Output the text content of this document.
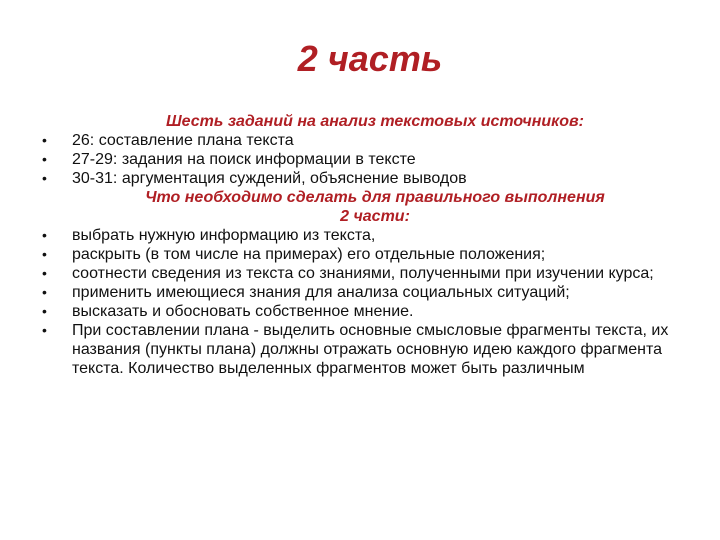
2 часть
Шесть заданий на анализ текстовых источников:
• 26: составление плана текста
• 27-29: задания на поиск информации в тексте
• 30-31: аргументация суждений, объяснение выводов
Что необходимо сделать для правильного выполнения
2 части:
• выбрать нужную информацию из текста,
• раскрыть (в том числе на примерах) его отдельные положения;
• соотнести сведения из текста со знаниями, полученными при изучении курса;
• применить имеющиеся знания для анализа социальных ситуаций;
• высказать и обосновать собственное мнение.
• При составлении плана - выделить основные смысловые фрагменты текста, их названия (пункты плана) должны отражать основную идею каждого фрагмента текста. Количество выделенных фрагментов может быть различным
